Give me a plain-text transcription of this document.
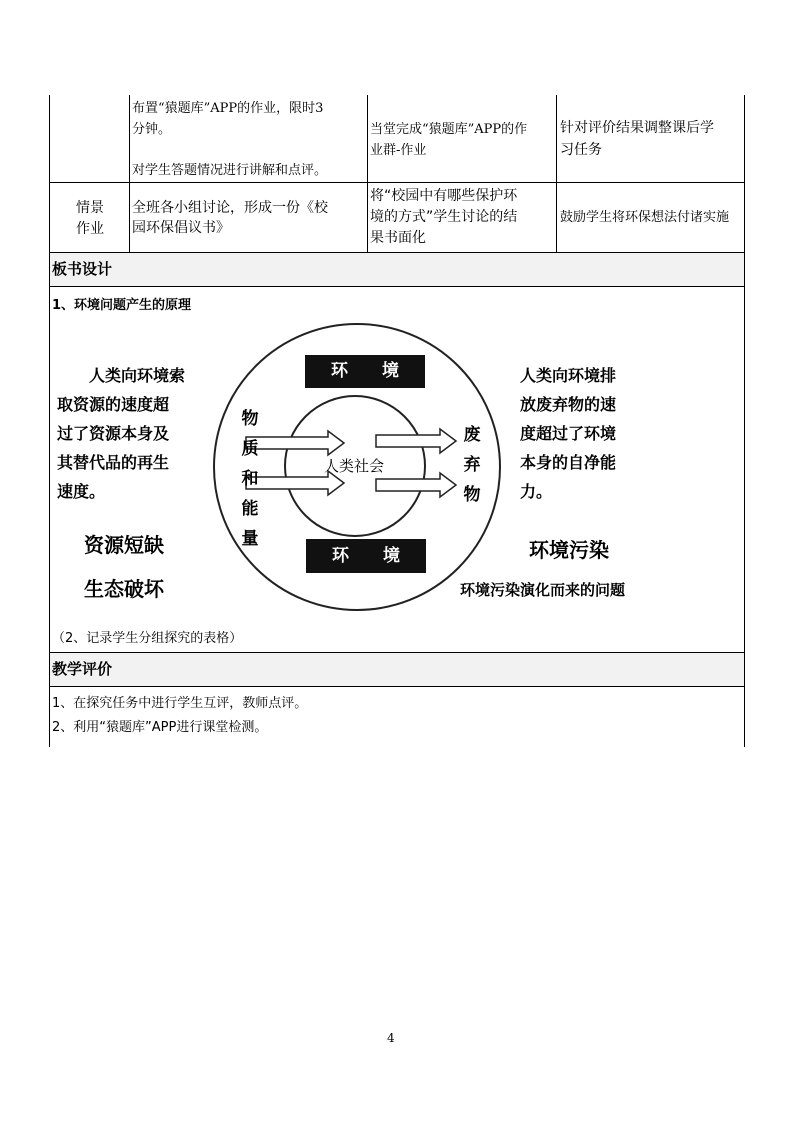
布置“猿题库”APP的作业，限时3
分钟。
对学生答题情况进行讲解和点评。
当堂完成“猿题库”APP的作
业群-作业
针对评价结果调整课后学
习任务
情景
作业
全班各小组讨论，形成一份《校
园环保倡议书》
将“校园中有哪些保护环
境的方式”学生讨论的结
果书面化
鼓励学生将环保想法付诸实施
板书设计
1、环境问题产生的原理
环　　境
环　　境
人类社会
物
质
和
能
量
废
弃
物
人类向环境索
取资源的速度超
过了资源本身及
其替代品的再生
速度。
资源短缺
生态破坏
人类向环境排
放废弃物的速
度超过了环境
本身的自净能
力。
环境污染
环境污染演化而来的问题
（2、记录学生分组探究的表格）
教学评价
1、在探究任务中进行学生互评，教师点评。
2、利用“猿题库”APP进行课堂检测。
4
